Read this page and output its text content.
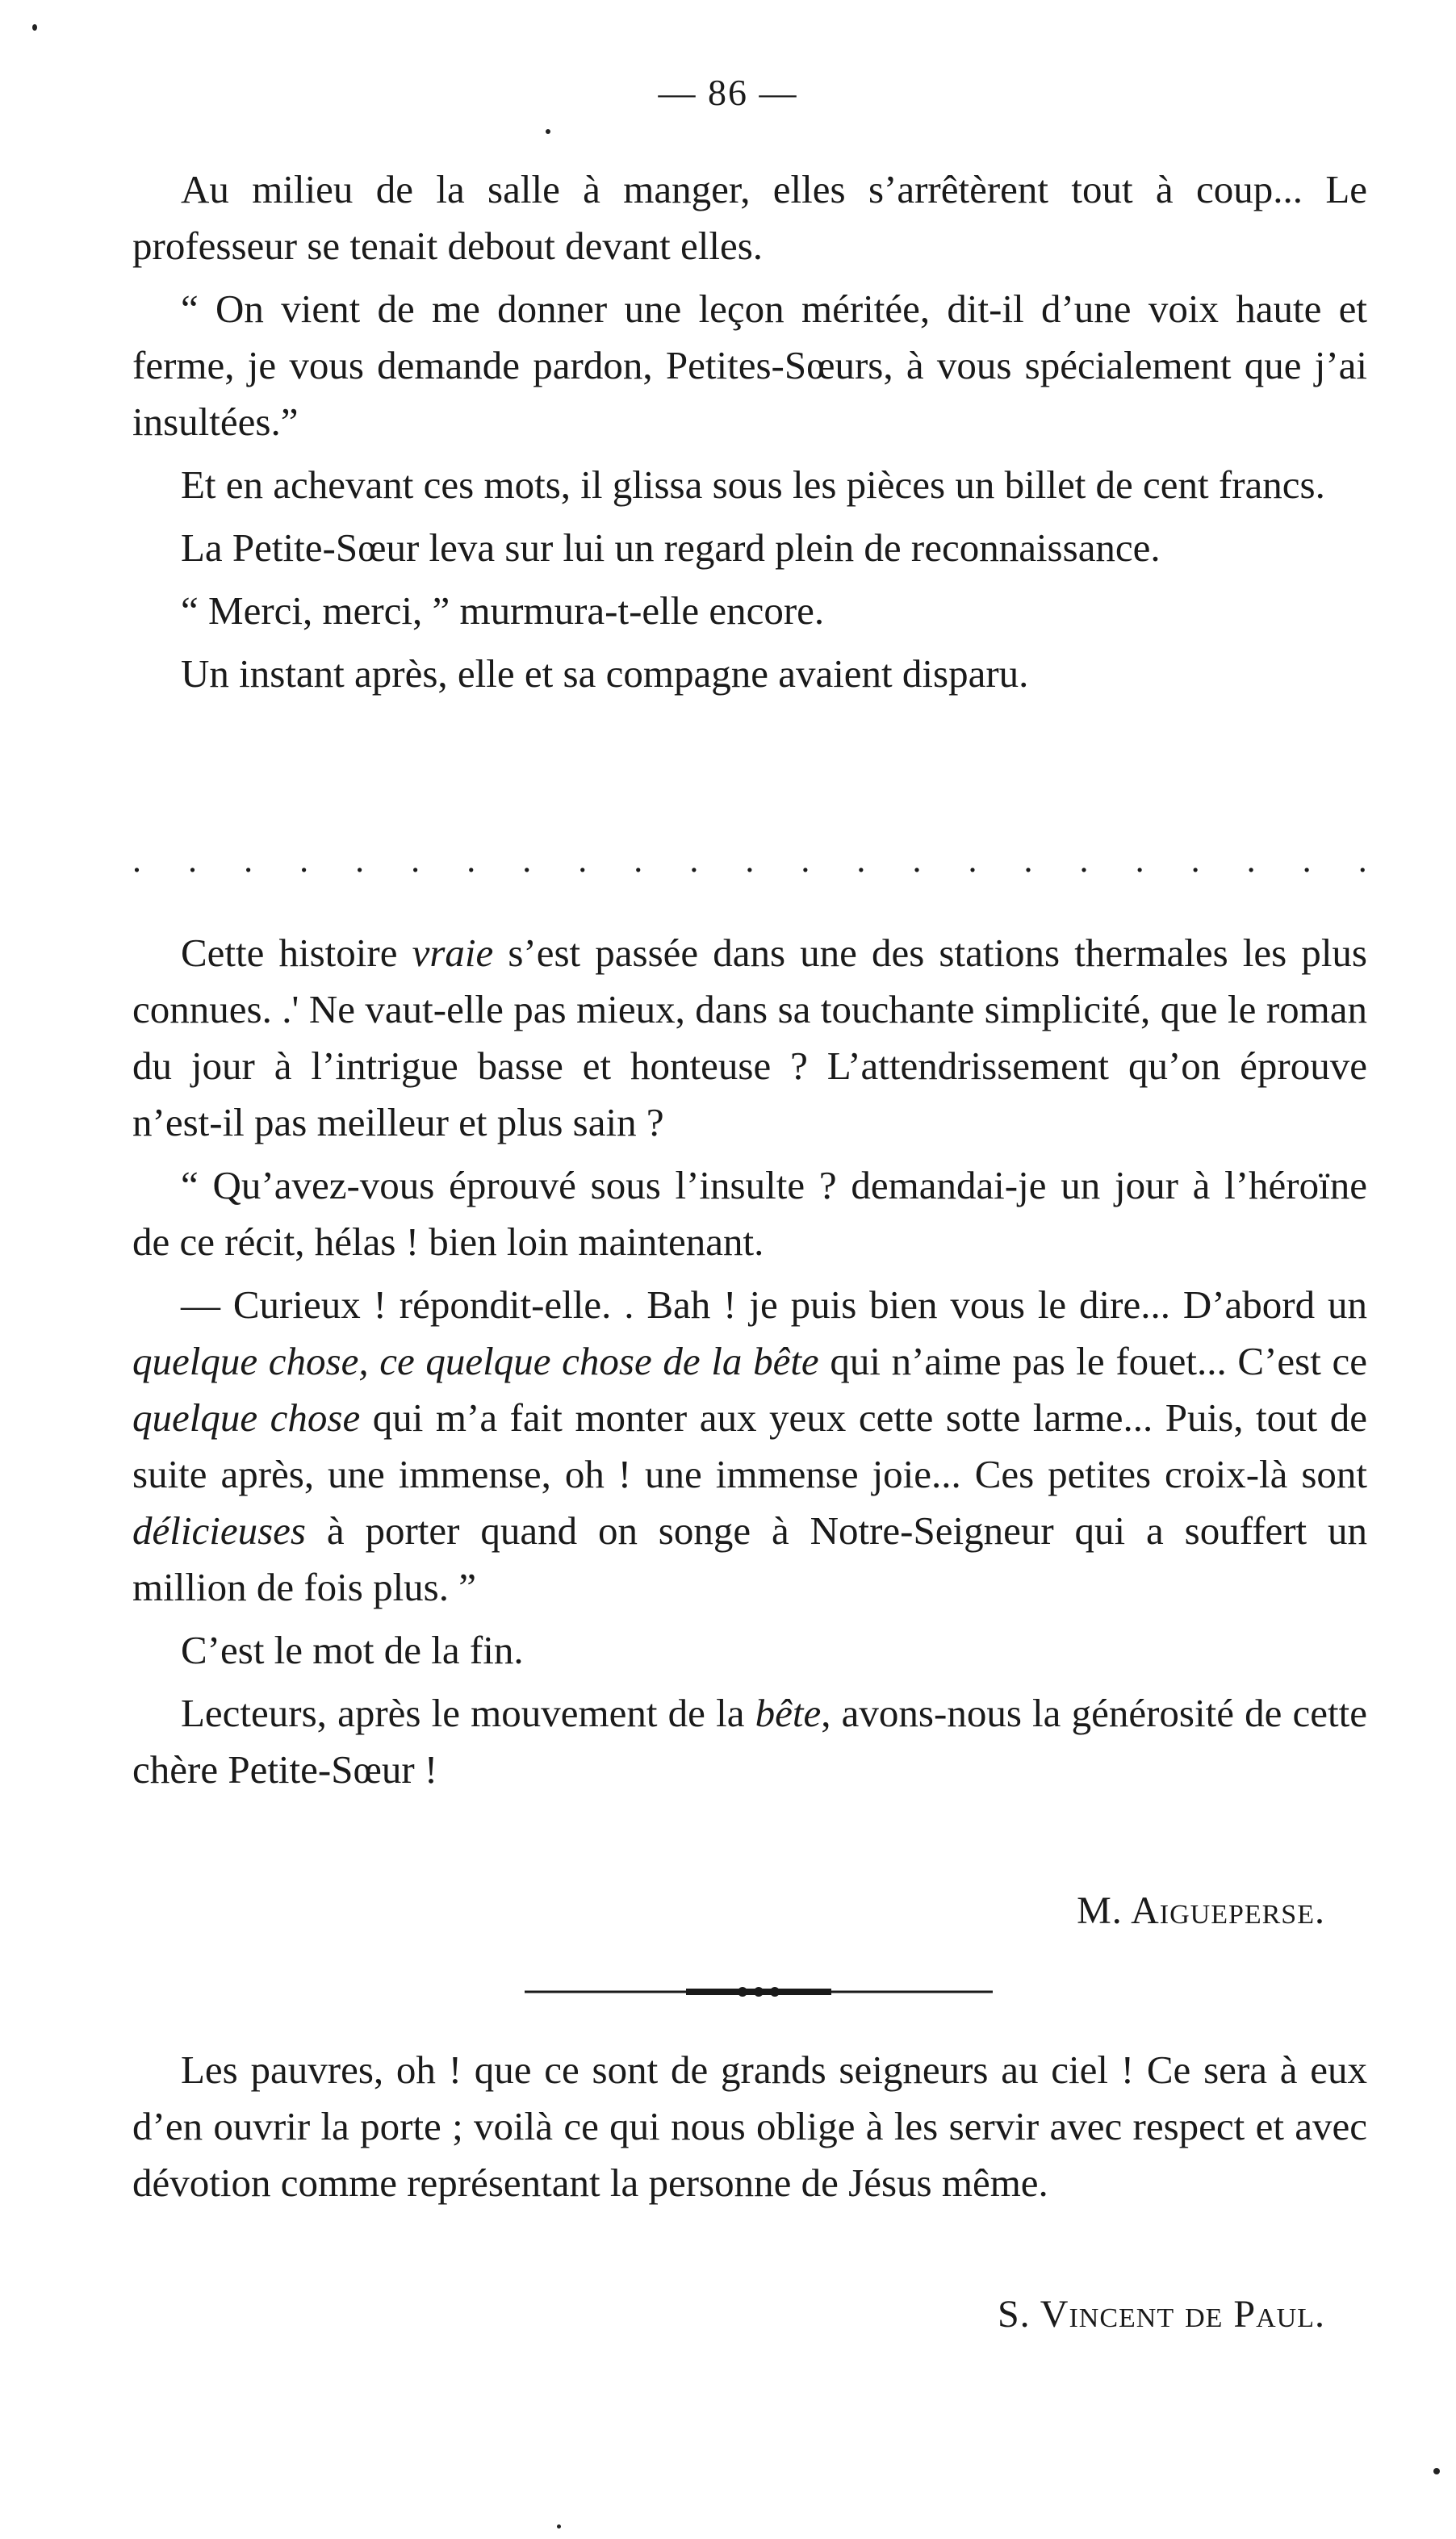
— 86 —

Au milieu de la salle à manger, elles s’arrêtèrent tout à coup... Le professeur se tenait debout devant elles.

“ On vient de me donner une leçon méritée, dit-il d’une voix haute et ferme, je vous demande pardon, Petites-Sœurs, à vous spécialement que j’ai insultées.”

Et en achevant ces mots, il glissa sous les pièces un billet de cent francs.

La Petite-Sœur leva sur lui un regard plein de reconnaissance.

“ Merci, merci, ” murmura-t-elle encore.

Un instant après, elle et sa compagne avaient disparu.

. . . . . . . . . . . . . . . . . . . . . . .

Cette histoire vraie s’est passée dans une des stations thermales les plus connues. .' Ne vaut-elle pas mieux, dans sa touchante simplicité, que le roman du jour à l’intrigue basse et honteuse ? L’attendrissement qu’on éprouve n’est-il pas meilleur et plus sain ?

“ Qu’avez-vous éprouvé sous l’insulte ? demandai-je un jour à l’héroïne de ce récit, hélas ! bien loin maintenant.

— Curieux ! répondit-elle. . Bah ! je puis bien vous le dire... D’abord un quelque chose, ce quelque chose de la bête qui n’aime pas le fouet... C’est ce quelque chose qui m’a fait monter aux yeux cette sotte larme... Puis, tout de suite après, une immense, oh ! une immense joie... Ces petites croix-là sont délicieuses à porter quand on songe à Notre-Seigneur qui a souffert un million de fois plus. ”

C’est le mot de la fin.

Lecteurs, après le mouvement de la bête, avons-nous la générosité de cette chère Petite-Sœur !

M. Aigueperse.

Les pauvres, oh ! que ce sont de grands seigneurs au ciel ! Ce sera à eux d’en ouvrir la porte ; voilà ce qui nous oblige à les servir avec respect et avec dévotion comme représentant la personne de Jésus même.

S. Vincent de Paul.
